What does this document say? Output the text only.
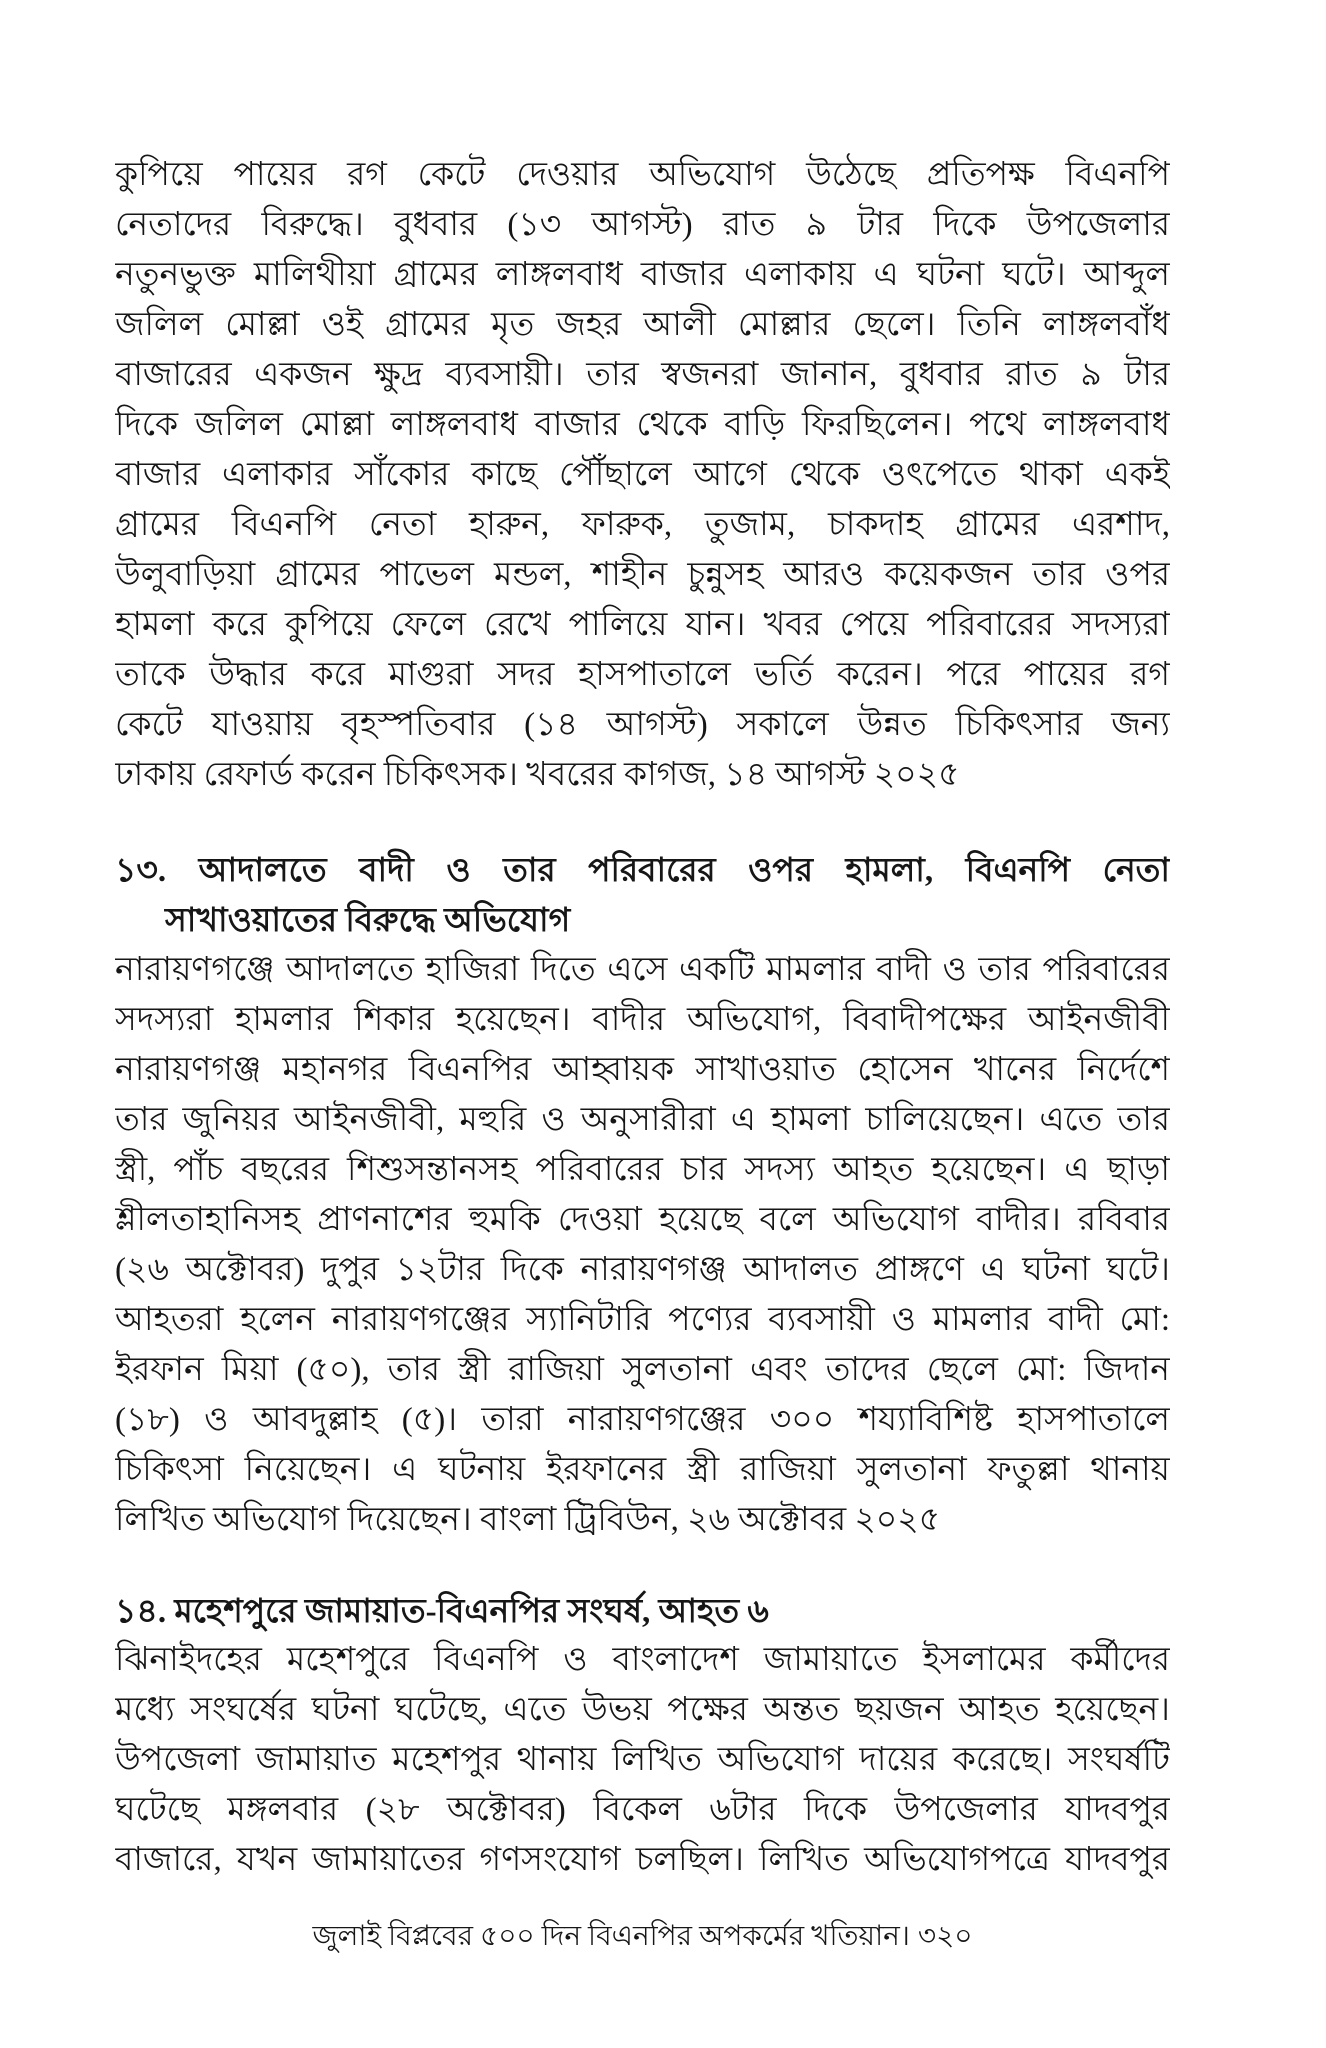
কুপিয়ে পায়ের রগ কেটে দেওয়ার অভিযোগ উঠেছে প্রতিপক্ষ বিএনপি
নেতাদের বিরুদ্ধে। বুধবার (১৩ আগস্ট) রাত ৯ টার দিকে উপজেলার
নতুনভুক্ত মালিথীয়া গ্রামের লাঙ্গলবাধ বাজার এলাকায় এ ঘটনা ঘটে। আব্দুল
জলিল মোল্লা ওই গ্রামের মৃত জহর আলী মোল্লার ছেলে। তিনি লাঙ্গলবাঁধ
বাজারের একজন ক্ষুদ্র ব্যবসায়ী। তার স্বজনরা জানান, বুধবার রাত ৯ টার
দিকে জলিল মোল্লা লাঙ্গলবাধ বাজার থেকে বাড়ি ফিরছিলেন। পথে লাঙ্গলবাধ
বাজার এলাকার সাঁকোর কাছে পৌঁছালে আগে থেকে ওৎপেতে থাকা একই
গ্রামের বিএনপি নেতা হারুন, ফারুক, তুজাম, চাকদাহ গ্রামের এরশাদ,
উলুবাড়িয়া গ্রামের পাভেল মন্ডল, শাহীন চুন্নুসহ আরও কয়েকজন তার ওপর
হামলা করে কুপিয়ে ফেলে রেখে পালিয়ে যান। খবর পেয়ে পরিবারের সদস্যরা
তাকে উদ্ধার করে মাগুরা সদর হাসপাতালে ভর্তি করেন। পরে পায়ের রগ
কেটে যাওয়ায় বৃহস্পতিবার (১৪ আগস্ট) সকালে উন্নত চিকিৎসার জন্য
ঢাকায় রেফার্ড করেন চিকিৎসক। খবরের কাগজ, ১৪ আগস্ট ২০২৫
১৩. আদালতে বাদী ও তার পরিবারের ওপর হামলা, বিএনপি নেতা
সাখাওয়াতের বিরুদ্ধে অভিযোগ
নারায়ণগঞ্জে আদালতে হাজিরা দিতে এসে একটি মামলার বাদী ও তার পরিবারের
সদস্যরা হামলার শিকার হয়েছেন। বাদীর অভিযোগ, বিবাদীপক্ষের আইনজীবী
নারায়ণগঞ্জ মহানগর বিএনপির আহ্বায়ক সাখাওয়াত হোসেন খানের নির্দেশে
তার জুনিয়র আইনজীবী, মহুরি ও অনুসারীরা এ হামলা চালিয়েছেন। এতে তার
স্ত্রী, পাঁচ বছরের শিশুসন্তানসহ পরিবারের চার সদস্য আহত হয়েছেন। এ ছাড়া
শ্লীলতাহানিসহ প্রাণনাশের হুমকি দেওয়া হয়েছে বলে অভিযোগ বাদীর। রবিবার
(২৬ অক্টোবর) দুপুর ১২টার দিকে নারায়ণগঞ্জ আদালত প্রাঙ্গণে এ ঘটনা ঘটে।
আহতরা হলেন নারায়ণগঞ্জের স্যানিটারি পণ্যের ব্যবসায়ী ও মামলার বাদী মো:
ইরফান মিয়া (৫০), তার স্ত্রী রাজিয়া সুলতানা এবং তাদের ছেলে মো: জিদান
(১৮) ও আবদুল্লাহ (৫)। তারা নারায়ণগঞ্জের ৩০০ শয্যাবিশিষ্ট হাসপাতালে
চিকিৎসা নিয়েছেন। এ ঘটনায় ইরফানের স্ত্রী রাজিয়া সুলতানা ফতুল্লা থানায়
লিখিত অভিযোগ দিয়েছেন। বাংলা ট্রিবিউন, ২৬ অক্টোবর ২০২৫
১৪. মহেশপুরে জামায়াত-বিএনপির সংঘর্ষ, আহত ৬
ঝিনাইদহের মহেশপুরে বিএনপি ও বাংলাদেশ জামায়াতে ইসলামের কর্মীদের
মধ্যে সংঘর্ষের ঘটনা ঘটেছে, এতে উভয় পক্ষের অন্তত ছয়জন আহত হয়েছেন।
উপজেলা জামায়াত মহেশপুর থানায় লিখিত অভিযোগ দায়ের করেছে। সংঘর্ষটি
ঘটেছে মঙ্গলবার (২৮ অক্টোবর) বিকেল ৬টার দিকে উপজেলার যাদবপুর
বাজারে, যখন জামায়াতের গণসংযোগ চলছিল। লিখিত অভিযোগপত্রে যাদবপুর
জুলাই বিপ্লবের ৫০০ দিন বিএনপির অপকর্মের খতিয়ান। ৩২০
